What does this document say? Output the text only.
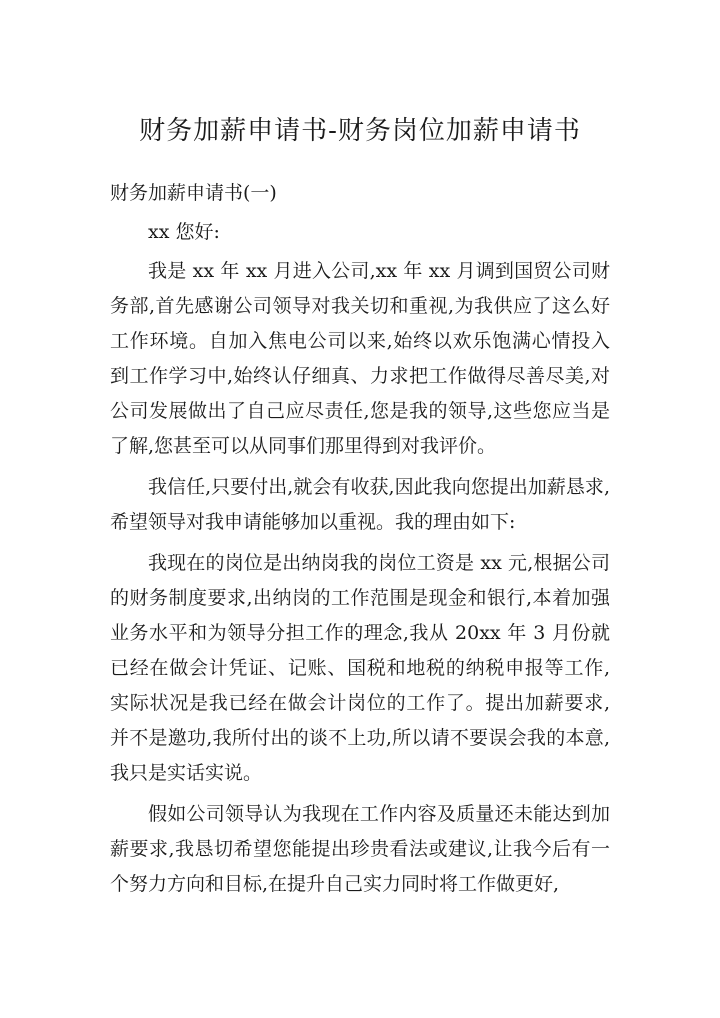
财务加薪申请书-财务岗位加薪申请书

财务加薪申请书(一)

xx 您好:

我是 xx 年 xx 月进入公司,xx 年 xx 月调到国贸公司财务部,首先感谢公司领导对我关切和重视,为我供应了这么好工作环境。自加入焦电公司以来,始终以欢乐饱满心情投入到工作学习中,始终认仔细真、力求把工作做得尽善尽美,对公司发展做出了自己应尽责任,您是我的领导,这些您应当是了解,您甚至可以从同事们那里得到对我评价。

我信任,只要付出,就会有收获,因此我向您提出加薪恳求,希望领导对我申请能够加以重视。我的理由如下:

我现在的岗位是出纳岗我的岗位工资是 xx 元,根据公司的财务制度要求,出纳岗的工作范围是现金和银行,本着加强业务水平和为领导分担工作的理念,我从 20xx 年 3 月份就已经在做会计凭证、记账、国税和地税的纳税申报等工作,实际状况是我已经在做会计岗位的工作了。提出加薪要求,并不是邀功,我所付出的谈不上功,所以请不要误会我的本意,我只是实话实说。

假如公司领导认为我现在工作内容及质量还未能达到加薪要求,我恳切希望您能提出珍贵看法或建议,让我今后有一个努力方向和目标,在提升自己实力同时将工作做更好,
